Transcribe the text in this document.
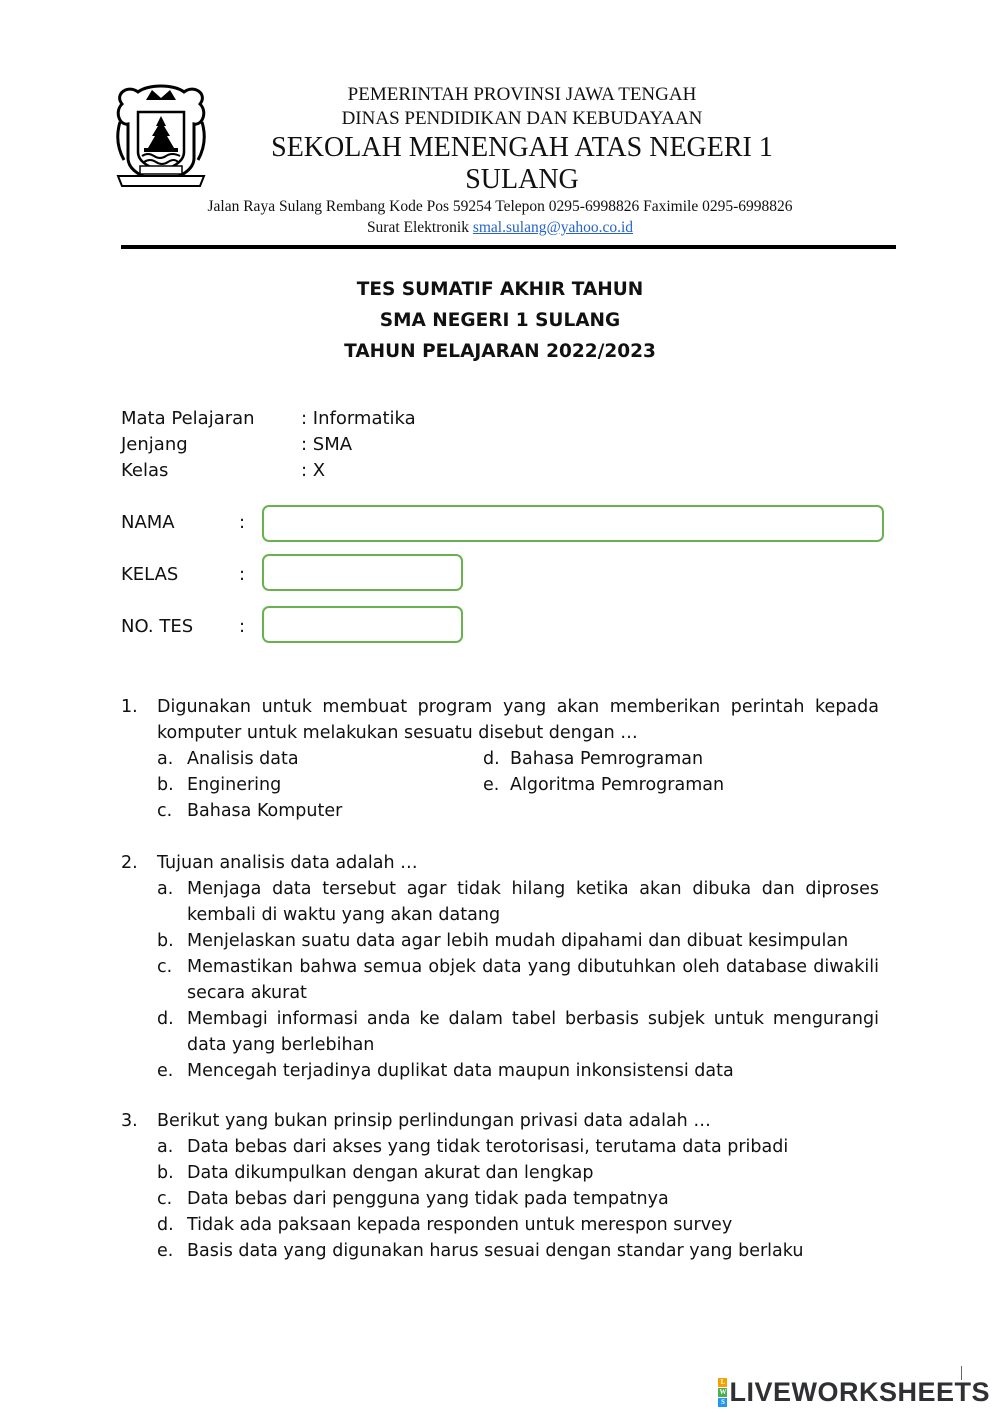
PEMERINTAH PROVINSI JAWA TENGAH
DINAS PENDIDIKAN DAN KEBUDAYAAN
SEKOLAH MENENGAH ATAS NEGERI 1
SULANG
Jalan Raya Sulang Rembang Kode Pos 59254 Telepon 0295-6998826 Faximile 0295-6998826
Surat Elektronik smal.sulang@yahoo.co.id
TES SUMATIF AKHIR TAHUN
SMA NEGERI 1 SULANG
TAHUN PELAJARAN 2022/2023
Mata Pelajaran	: Informatika
Jenjang	: SMA
Kelas	: X
NAMA	:
KELAS	:
NO. TES	:
1. Digunakan untuk membuat program yang akan memberikan perintah kepada komputer untuk melakukan sesuatu disebut dengan …
a. Analisis data
b. Enginering
c. Bahasa Komputer
d. Bahasa Pemrograman
e. Algoritma Pemrograman
2. Tujuan analisis data adalah …
a. Menjaga data tersebut agar tidak hilang ketika akan dibuka dan diproses kembali di waktu yang akan datang
b. Menjelaskan suatu data agar lebih mudah dipahami dan dibuat kesimpulan
c. Memastikan bahwa semua objek data yang dibutuhkan oleh database diwakili secara akurat
d. Membagi informasi anda ke dalam tabel berbasis subjek untuk mengurangi data yang berlebihan
e. Mencegah terjadinya duplikat data maupun inkonsistensi data
3. Berikut yang bukan prinsip perlindungan privasi data adalah …
a. Data bebas dari akses yang tidak terotorisasi, terutama data pribadi
b. Data dikumpulkan dengan akurat dan lengkap
c. Data bebas dari pengguna yang tidak pada tempatnya
d. Tidak ada paksaan kepada responden untuk merespon survey
e. Basis data yang digunakan harus sesuai dengan standar yang berlaku
L
W
S LIVEWORKSHEETS
